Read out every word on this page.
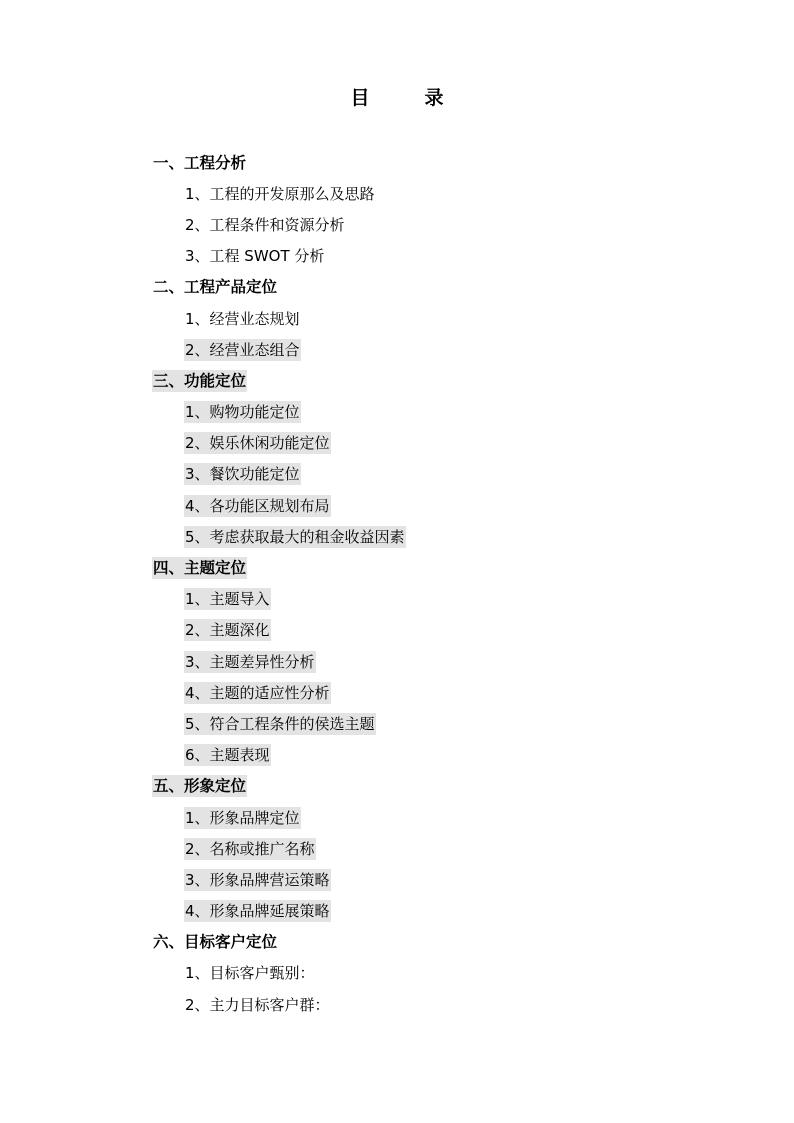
目　录
一、工程分析
1、工程的开发原那么及思路
2、工程条件和资源分析
3、工程 SWOT 分析
二、工程产品定位
1、经营业态规划
2、经营业态组合
三、功能定位
1、购物功能定位
2、娱乐休闲功能定位
3、餐饮功能定位
4、各功能区规划布局
5、考虑获取最大的租金收益因素
四、主题定位
1、主题导入
2、主题深化
3、主题差异性分析
4、主题的适应性分析
5、符合工程条件的侯选主题
6、主题表现
五、形象定位
1、形象品牌定位
2、名称或推广名称
3、形象品牌营运策略
4、形象品牌延展策略
六、目标客户定位
1、目标客户甄别：
2、主力目标客户群：
